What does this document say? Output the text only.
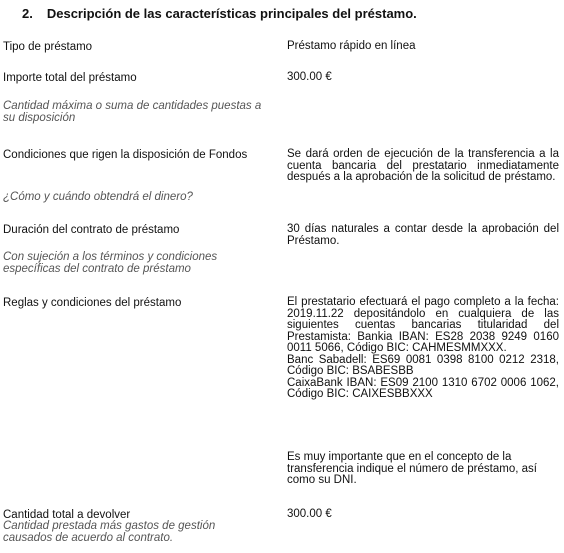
2. Descripción de las características principales del préstamo.
Tipo de préstamo	Préstamo rápido en línea
Importe total del préstamo
Cantidad máxima o suma de cantidades puestas a su disposición
300.00 €
Condiciones que rigen la disposición de Fondos
¿Cómo y cuándo obtendrá el dinero?
Se dará orden de ejecución de la transferencia a la cuenta bancaria del prestatario inmediatamente después a la aprobación de la solicitud de préstamo.
Duración del contrato de préstamo
Con sujeción a los términos y condiciones específicas del contrato de préstamo
30 días naturales a contar desde la aprobación del Préstamo.
Reglas y condiciones del préstamo	El prestatario efectuará el pago completo a la fecha: 2019.11.22 depositándolo en cualquiera de las siguientes cuentas bancarias titularidad del Prestamista: Bankia IBAN: ES28 2038 9249 0160 0011 5066, Código BIC: CAHMESMMXXX.
Banc Sabadell: ES69 0081 0398 8100 0212 2318, Código BIC: BSABESBB
CaixaBank IBAN: ES09 2100 1310 6702 0006 1062, Código BIC: CAIXESBBXXX
Es muy importante que en el concepto de la transferencia indique el número de préstamo, así como su DNI.
Cantidad total a devolver
Cantidad prestada más gastos de gestión causados de acuerdo al contrato.
300.00 €
